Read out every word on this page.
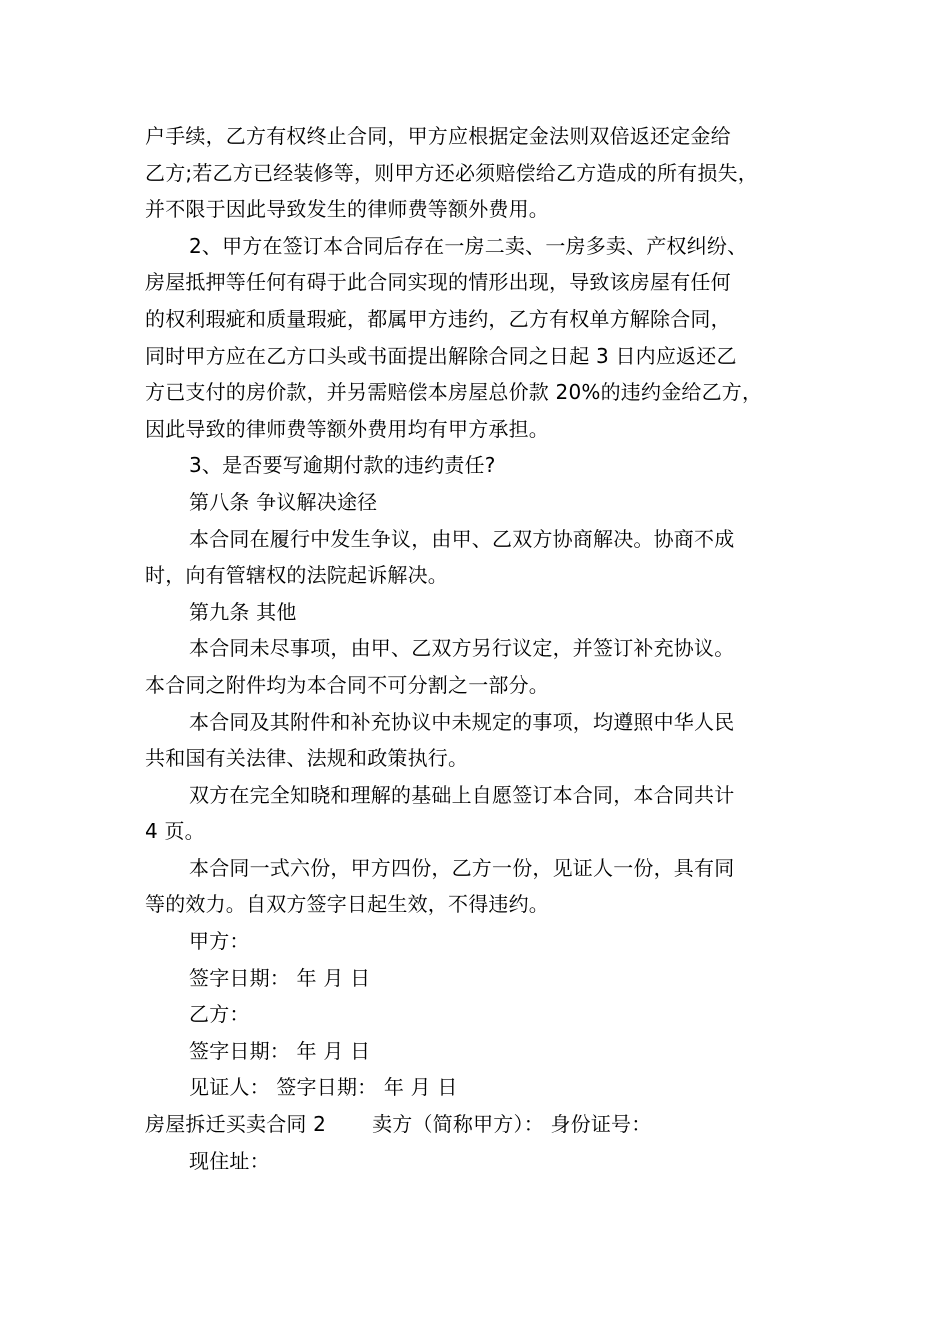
户手续，乙方有权终止合同，甲方应根据定金法则双倍返还定金给
乙方;若乙方已经装修等，则甲方还必须赔偿给乙方造成的所有损失，
并不限于因此导致发生的律师费等额外费用。
2、甲方在签订本合同后存在一房二卖、一房多卖、产权纠纷、
房屋抵押等任何有碍于此合同实现的情形出现，导致该房屋有任何
的权利瑕疵和质量瑕疵，都属甲方违约，乙方有权单方解除合同，
同时甲方应在乙方口头或书面提出解除合同之日起 3 日内应返还乙
方已支付的房价款，并另需赔偿本房屋总价款 20%的违约金给乙方，
因此导致的律师费等额外费用均有甲方承担。
3、是否要写逾期付款的违约责任?
第八条 争议解决途径
本合同在履行中发生争议，由甲、乙双方协商解决。协商不成
时，向有管辖权的法院起诉解决。
第九条 其他
本合同未尽事项，由甲、乙双方另行议定，并签订补充协议。
本合同之附件均为本合同不可分割之一部分。
本合同及其附件和补充协议中未规定的事项，均遵照中华人民
共和国有关法律、法规和政策执行。
双方在完全知晓和理解的基础上自愿签订本合同，本合同共计
4 页。
本合同一式六份，甲方四份，乙方一份，见证人一份，具有同
等的效力。自双方签字日起生效，不得违约。
甲方：
签字日期： 年 月 日
乙方：
签字日期： 年 月 日
见证人： 签字日期： 年 月 日
房屋拆迁买卖合同 2 卖方（简称甲方）： 身份证号：
现住址：
